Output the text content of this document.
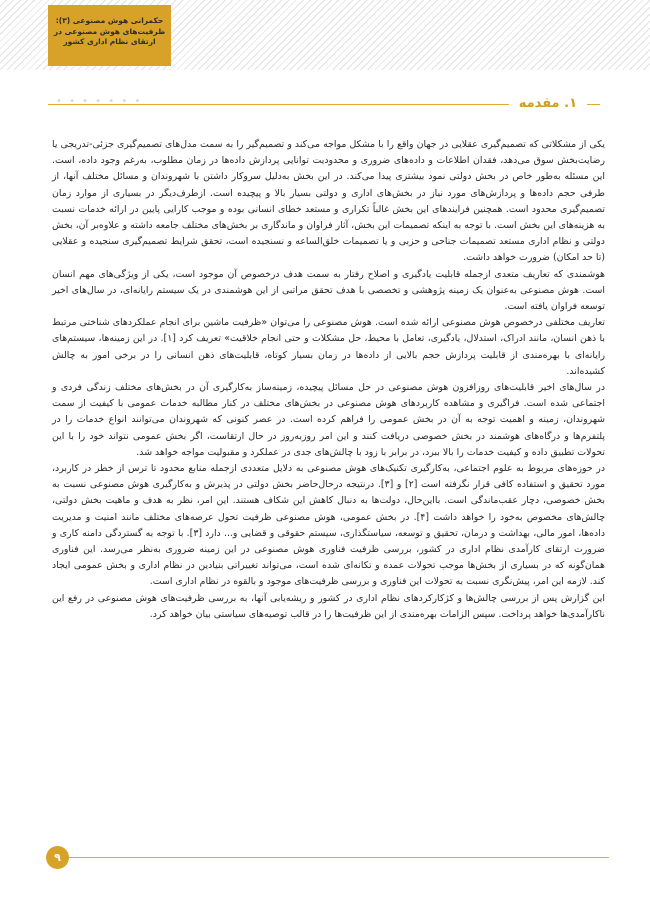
حکمرانی هوش مصنوعی (۳):
ظرفیت‌های هوش مصنوعی در
ارتقای نظام اداری کشور
• • • • • • •	۱. مقدمه

یکی از مشکلاتی که تصمیم‌گیری عقلایی در جهان واقع را با مشکل مواجه می‌کند و تصمیم‌گیر را به سمت مدل‌های تصمیم‌گیری جزئی-تدریجی یا رضایت‌بخش سوق می‌دهد، فقدان اطلاعات و داده‌های ضروری و محدودیت توانایی پردازش داده‌ها در زمان مطلوب، به‌رغم وجود داده، است. این مسئله به‌طور خاص در بخش دولتی نمود بیشتری پیدا می‌کند. در این بخش به‌دلیل سروکار داشتن با شهروندان و مسائل مختلف آنها، از طرفی حجم داده‌ها و پردازش‌های مورد نیاز در بخش‌های اداری و دولتی بسیار بالا و پیچیده است. ازطرف‌دیگر در بسیاری از موارد زمان تصمیم‌گیری محدود است. همچنین فرایندهای این بخش غالباً تکراری و مستعد خطای انسانی بوده و موجب کارایی پایین در ارائه خدمات نسبت به هزینه‌های این بخش است. با توجه به اینکه تصمیمات این بخش، آثار فراوان و ماندگاری بر بخش‌های مختلف جامعه داشته و علاوه‌بر آن، بخش دولتی و نظام اداری مستعد تصمیمات جناحی و حزبی و یا تصمیمات خلق‌الساعه و نسنجیده است، تحقق شرایط تصمیم‌گیری سنجیده و عقلایی (تا حد امکان) ضرورت خواهد داشت.

هوشمندی که تعاریف متعدی ازجمله قابلیت یادگیری و اصلاح رفتار به سمت هدف درخصوص آن موجود است، یکی از ویژگی‌های مهم انسان است. هوش مصنوعی به‌عنوان یک زمینه پژوهشی و تخصصی با هدف تحقق مراتبی از این هوشمندی در یک سیستم رایانه‌ای، در سال‌های اخیر توسعه فراوان یافته است.

تعاریف مختلفی درخصوص هوش مصنوعی ارائه شده است. هوش مصنوعی را می‌توان «ظرفیت ماشین برای انجام عملکردهای شناختی مرتبط با ذهن انسان، مانند ادراک، استدلال، یادگیری، تعامل با محیط، حل مشکلات و حتی انجام خلاقیت» تعریف کرد [۱]. در این زمینه‌ها، سیستم‌های رایانه‌ای با بهره‌مندی از قابلیت پردازش حجم بالایی از داده‌ها در زمان بسیار کوتاه، قابلیت‌های ذهن انسانی را در برخی امور به چالش کشیده‌اند.

در سال‌های اخیر قابلیت‌های روزافزون هوش مصنوعی در حل مسائل پیچیده، زمینه‌ساز به‌کارگیری آن در بخش‌های مختلف زندگی فردی و اجتماعی شده است. فراگیری و مشاهده کاربردهای هوش مصنوعی در بخش‌های مختلف در کنار مطالبه خدمات عمومی با کیفیت از سمت شهروندان، زمینه و اهمیت توجه به آن در بخش عمومی را فراهم کرده است. در عصر کنونی که شهروندان می‌توانند انواع خدمات را در پلتفرم‌ها و درگاه‌های هوشمند در بخش خصوصی دریافت کنند و این امر روزبه‌روز در حال ارتقاست، اگر بخش عمومی نتواند خود را با این تحولات تطبیق داده و کیفیت خدمات را بالا ببرد، در برابر با زود با چالش‌های جدی در عملکرد و مقبولیت مواجه خواهد شد.

در حوزه‌های مربوط به علوم اجتماعی، به‌کارگیری تکنیک‌های هوش مصنوعی به دلایل متعددی ازجمله منابع محدود تا ترس از خطر در کاربرد، مورد تحقیق و استفاده کافی قرار نگرفته است [۲] و [۳]. درنتیجه درحال‌حاضر بخش دولتی در پذیرش و به‌کارگیری هوش مصنوعی نسبت به بخش خصوصی، دچار عقب‌ماندگی است. بااین‌حال، دولت‌ها به دنبال کاهش این شکاف هستند. این امر، نظر به هدف و ماهیت بخش دولتی، چالش‌های مخصوص به‌خود را خواهد داشت [۴]. در بخش عمومی، هوش مصنوعی ظرفیت تحول عرصه‌های مختلف مانند امنیت و مدیریت داده‌ها، امور مالی، بهداشت و درمان، تحقیق و توسعه، سیاستگذاری، سیستم حقوقی و قضایی و... دارد [۳]. با توجه به گستردگی دامنه کاری و ضرورت ارتقای کارآمدی نظام اداری در کشور، بررسی ظرفیت فناوری هوش مصنوعی در این زمینه ضروری به‌نظر می‌رسد. این فناوری همان‌گونه که در بسیاری از بخش‌ها موجب تحولات عمده و تکانه‌ای شده است، می‌تواند تغییراتی بنیادین در نظام اداری و بخش عمومی ایجاد کند. لازمه این امر، پیش‌نگری نسبت به تحولات این فناوری و بررسی ظرفیت‌های موجود و بالقوه در نظام اداری است.

این گزارش پس از بررسی چالش‌ها و کژکارکردهای نظام اداری در کشور و ریشه‌یابی آنها، به بررسی ظرفیت‌های هوش مصنوعی در رفع این ناکارآمدی‌ها خواهد پرداخت. سپس الزامات بهره‌مندی از این ظرفیت‌ها را در قالب توصیه‌های سیاستی بیان خواهد کرد.

۹
